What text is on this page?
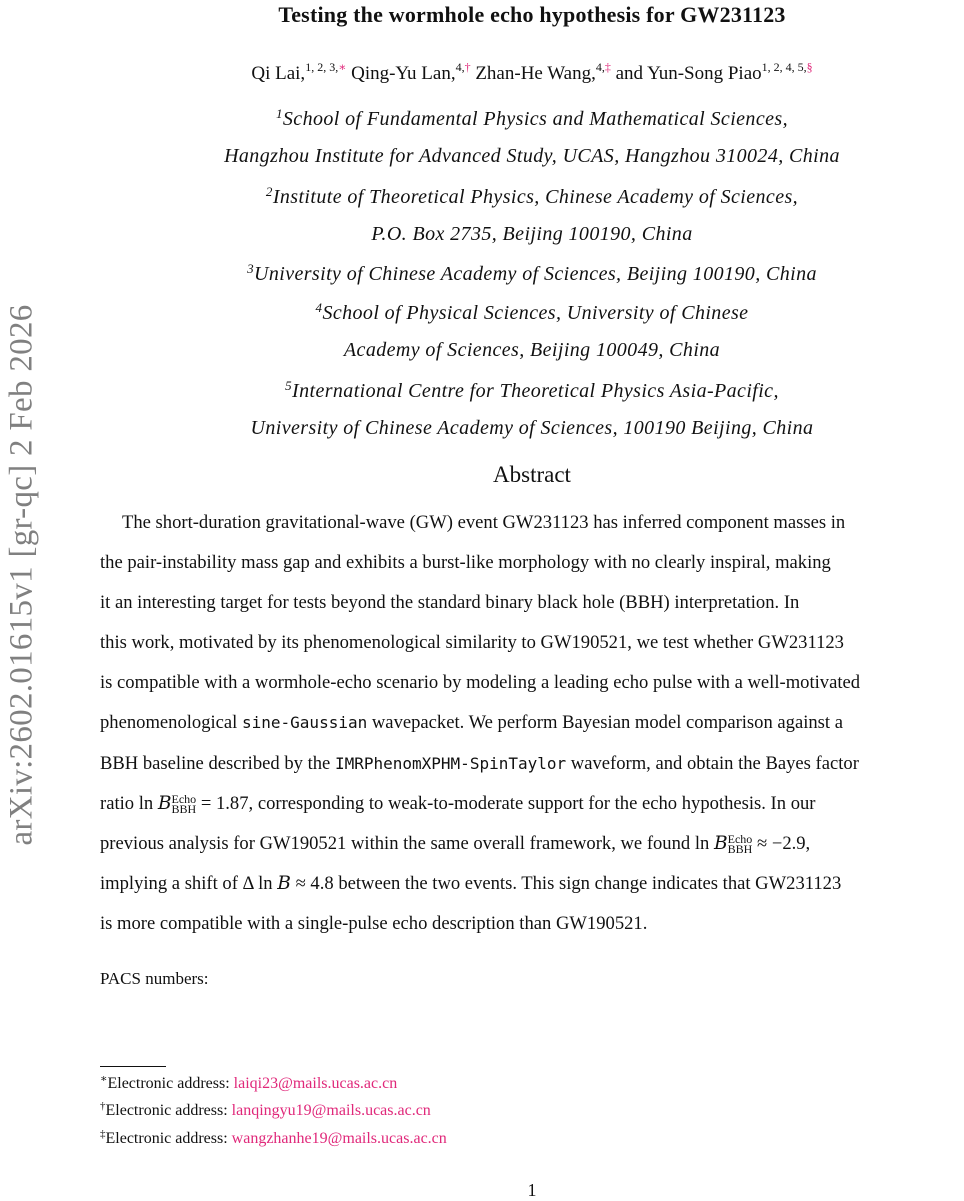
arXiv:2602.01615v1 [gr-qc] 2 Feb 2026
Testing the wormhole echo hypothesis for GW231123
Qi Lai,$^{1, 2, 3,∗}$ Qing-Yu Lan,$^{4,\dagger}$ Zhan-He Wang,$^{4,\ddagger}$ and Yun-Song Piao$^{1, 2, 4, 5,\S}$
$^1$School of Fundamental Physics and Mathematical Sciences,
Hangzhou Institute for Advanced Study, UCAS, Hangzhou 310024, China
$^2$Institute of Theoretical Physics, Chinese Academy of Sciences,
P.O. Box 2735, Beijing 100190, China
$^3$University of Chinese Academy of Sciences, Beijing 100190, China
$^4$School of Physical Sciences, University of Chinese
Academy of Sciences, Beijing 100049, China
$^5$International Centre for Theoretical Physics Asia-Pacific,
University of Chinese Academy of Sciences, 100190 Beijing, China
Abstract
The short-duration gravitational-wave (GW) event GW231123 has inferred component masses in
the pair-instability mass gap and exhibits a burst-like morphology with no clearly inspiral, making
it an interesting target for tests beyond the standard binary black hole (BBH) interpretation. In
this work, motivated by its phenomenological similarity to GW190521, we test whether GW231123
is compatible with a wormhole-echo scenario by modeling a leading echo pulse with a well-motivated
phenomenological sine-Gaussian wavepacket. We perform Bayesian model comparison against a
BBH baseline described by the IMRPhenomXPHM-SpinTaylor waveform, and obtain the Bayes factor
ratio ln B Echo
BBH = 1.87, corresponding to weak-to-moderate support for the echo hypothesis. In our
previous analysis for GW190521 within the same overall framework, we found ln B Echo
BBH ≈ −2.9,
implying a shift of Δ ln B ≈ 4.8 between the two events. This sign change indicates that GW231123
is more compatible with a single-pulse echo description than GW190521.
PACS numbers:
∗Electronic address: laiqi23@mails.ucas.ac.cn
†Electronic address: lanqingyu19@mails.ucas.ac.cn
‡Electronic address: wangzhanhe19@mails.ucas.ac.cn
1
